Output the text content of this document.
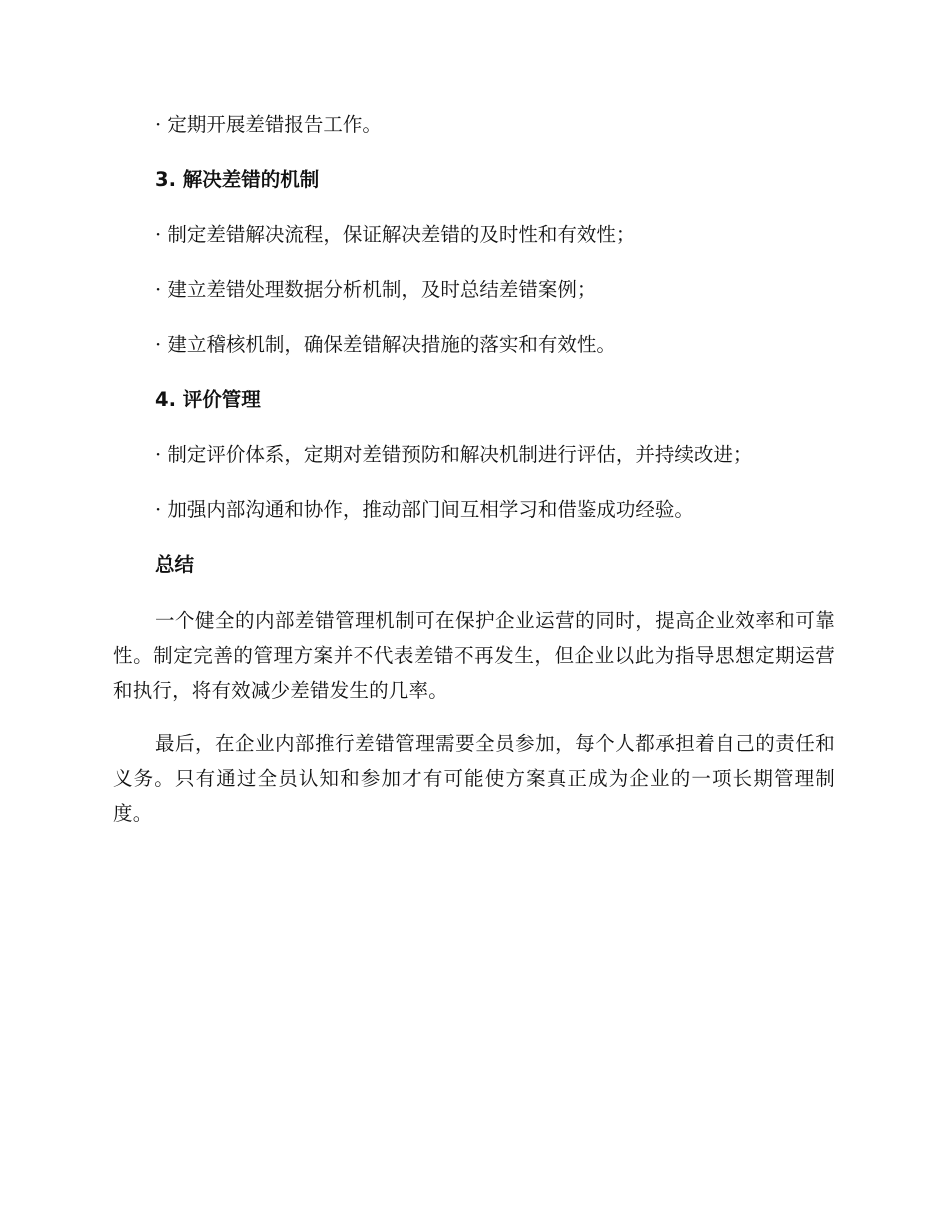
· 定期开展差错报告工作。
3. 解决差错的机制
· 制定差错解决流程，保证解决差错的及时性和有效性；
· 建立差错处理数据分析机制，及时总结差错案例；
· 建立稽核机制，确保差错解决措施的落实和有效性。
4. 评价管理
· 制定评价体系，定期对差错预防和解决机制进行评估，并持续改进；
· 加强内部沟通和协作，推动部门间互相学习和借鉴成功经验。
总结

一个健全的内部差错管理机制可在保护企业运营的同时，提高企业效率和可靠性。制定完善的管理方案并不代表差错不再发生，但企业以此为指导思想定期运营和执行，将有效减少差错发生的几率。

最后，在企业内部推行差错管理需要全员参加，每个人都承担着自己的责任和义务。只有通过全员认知和参加才有可能使方案真正成为企业的一项长期管理制度。
